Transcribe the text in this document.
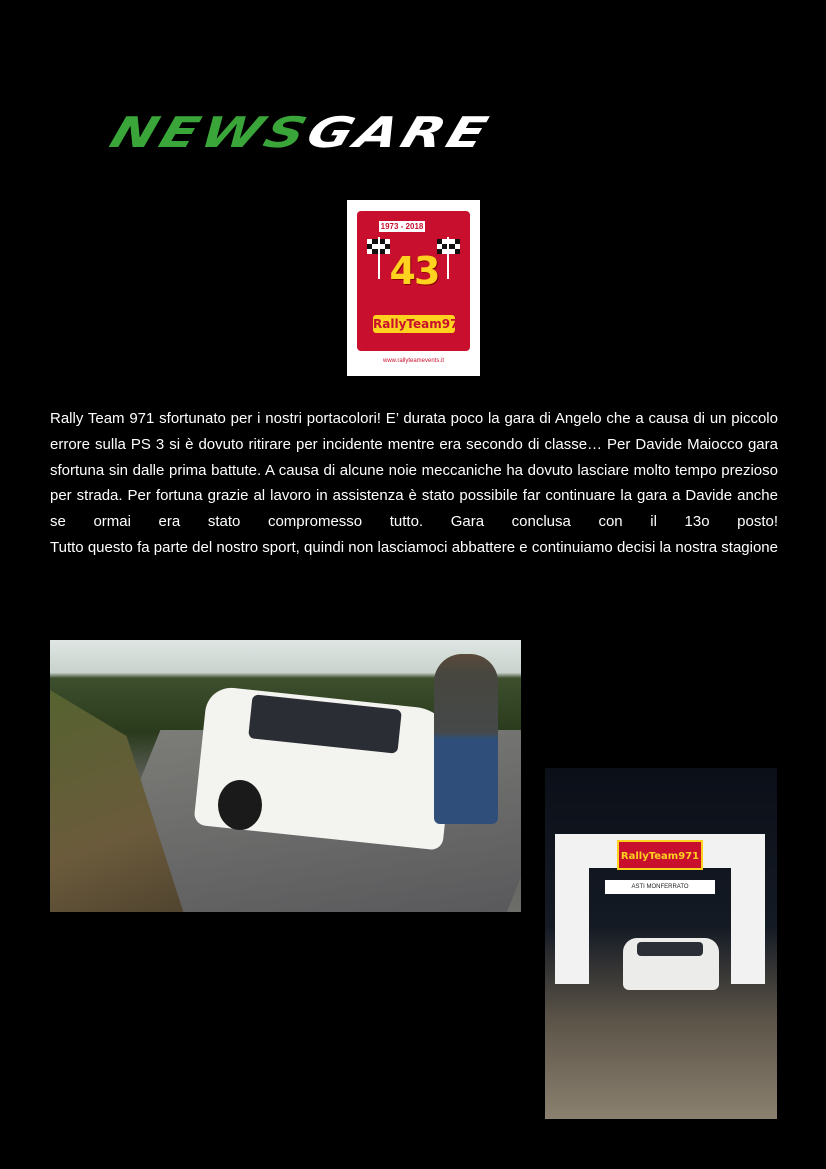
NEWSGARE
1973 - 2018
43
RallyTeam971
www.rallyteamevents.it

Rally Team 971 sfortunato per i nostri portacolori! E’ durata poco la gara di Angelo che a causa di un piccolo errore sulla PS 3 si è dovuto ritirare per incidente mentre era secondo di classe… Per Davide Maiocco gara sfortuna sin dalle prima battute. A causa di alcune noie meccaniche ha dovuto lasciare molto tempo prezioso per strada. Per fortuna grazie al lavoro in assistenza è stato possibile far continuare la gara a Davide anche se ormai era stato compromesso tutto. Gara conclusa con il 13o posto!

Tutto questo fa parte del nostro sport, quindi non lasciamoci abbattere e continuiamo decisi la nostra stagione

RallyTeam971
ASTI MONFERRATO
